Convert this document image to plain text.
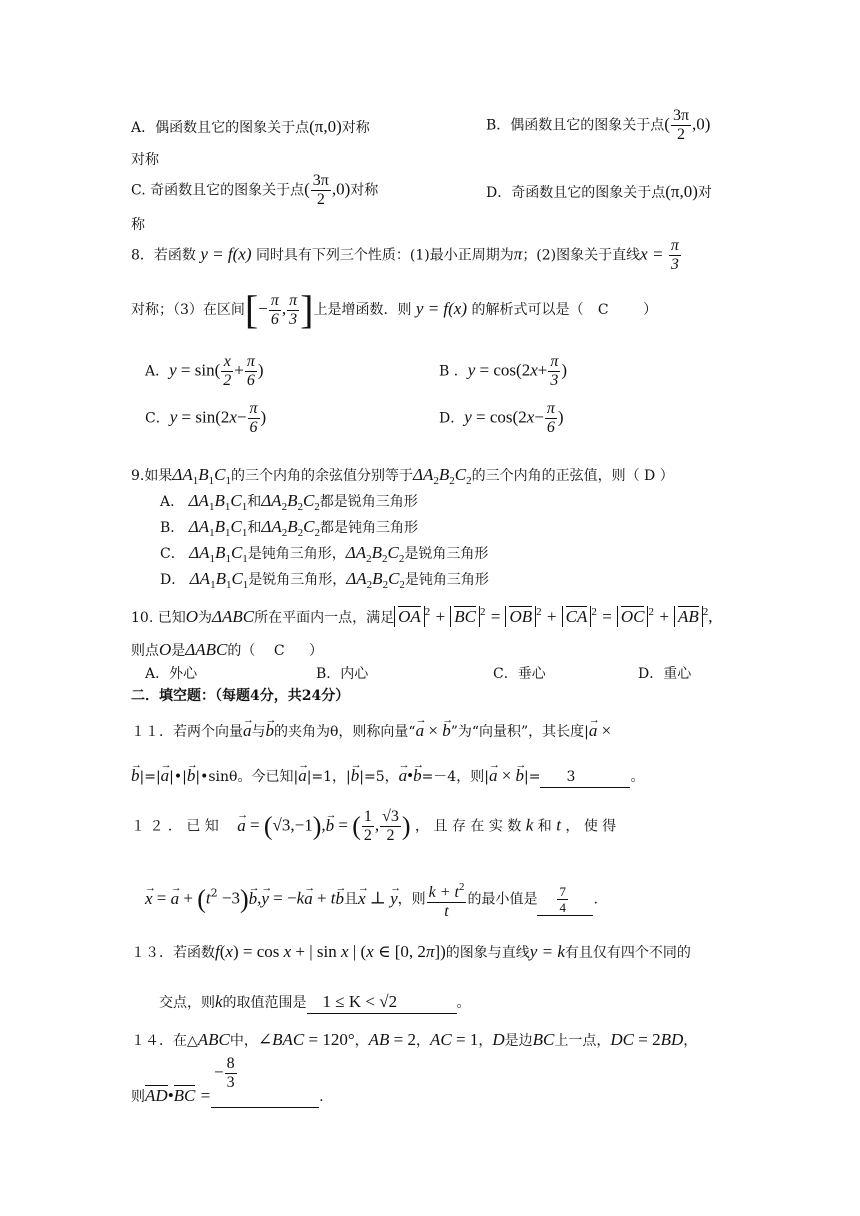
A．偶函数且它的图象关于点(π,0)对称	B．偶函数且它的图象关于点( $\frac{3\pi}{2} ,0$)
对称
C. 奇函数且它的图象关于点( $\frac{3\pi}{2} ,0$)对称	D．奇函数且它的图象关于点(π,0)对
称
8．若函数 y = f(x) 同时具有下列三个性质：(1)最小正周期为π；(2)图象关于直线$x = \frac{\pi}{3}$
对称；（3）在区间[− $\frac{\pi}{6}$ , $\frac{\pi}{3}$ ]上是增函数．则 y = f(x) 的解析式可以是（ C ）
A．$y = \sin( \frac{x}{2} + \frac{\pi}{6}$ )	B ．$y = \cos(2x+ \frac{\pi}{3}$ )
C．$y = \sin(2x- \frac{\pi}{6}$ )	D．$y = \cos(2x- \frac{\pi}{6}$ )
9.如果$\Delta A_1B_1C_1$的三个内角的余弦值分别等于$\Delta A_2B_2C_2$的三个内角的正弦值，则（ D ）
A． $\Delta A_1B_1C_1$和$\Delta A_2B_2C_2$都是锐角三角形
B． $\Delta A_1B_1C_1$和$\Delta A_2B_2C_2$都是钝角三角形
C． $\Delta A_1B_1C_1$是钝角三角形，$\Delta A_2B_2C_2$是锐角三角形
D． $\Delta A_1B_1C_1$是锐角三角形，$\Delta A_2B_2C_2$是钝角三角形
10. 已知O为ΔABC所在平面内一点，满足 OA $^2$ + BC $^2$ = OB $^2$ + CA $^2$ = OC $^2$ + AB $^2$,
则点O是ΔABC的（ C ）
A．外心	B．内心	C．垂心	D．重心
二．填空题：（每题4分，共24分）
１１．若两个向量→ a与→ b的夹角为θ，则称向量“→ a × → b”为“向量积”，其长度|→ a ×
→ b|=|→ a|•|→ b|•sinθ。今已知|→ a|=1，|→ b|=5，→ a•→ b=－4，则|→ a × → b|= 3	。
１ ２ ． 已 知 → a = (√3,−1),→ b = ( $\frac{1}{2}$ , $\frac{√3}{2}$ ) ， 且 存 在 实 数 k 和 t ， 使 得
→ x = → $a + (t^2 -3)\to b,\to y = -k\to a + t\to b$且→ x ⊥ → y，则 $\frac{k + t^2}{t}$ 的最小值是 $\frac{7}{4}$ .
１３．若函数f(x) = cos x + | sin x | (x ∈ [0, 2π])的图象与直线y = k有且仅有四个不同的
交点，则k的取值范围是 1 ≤ K < √2	。
１４．在△ABC中，∠BAC = 120°，AB = 2，AC = 1，D是边BC上一点，DC = 2BD，
− $\frac{8}{3}$
则AD•BC =	.
